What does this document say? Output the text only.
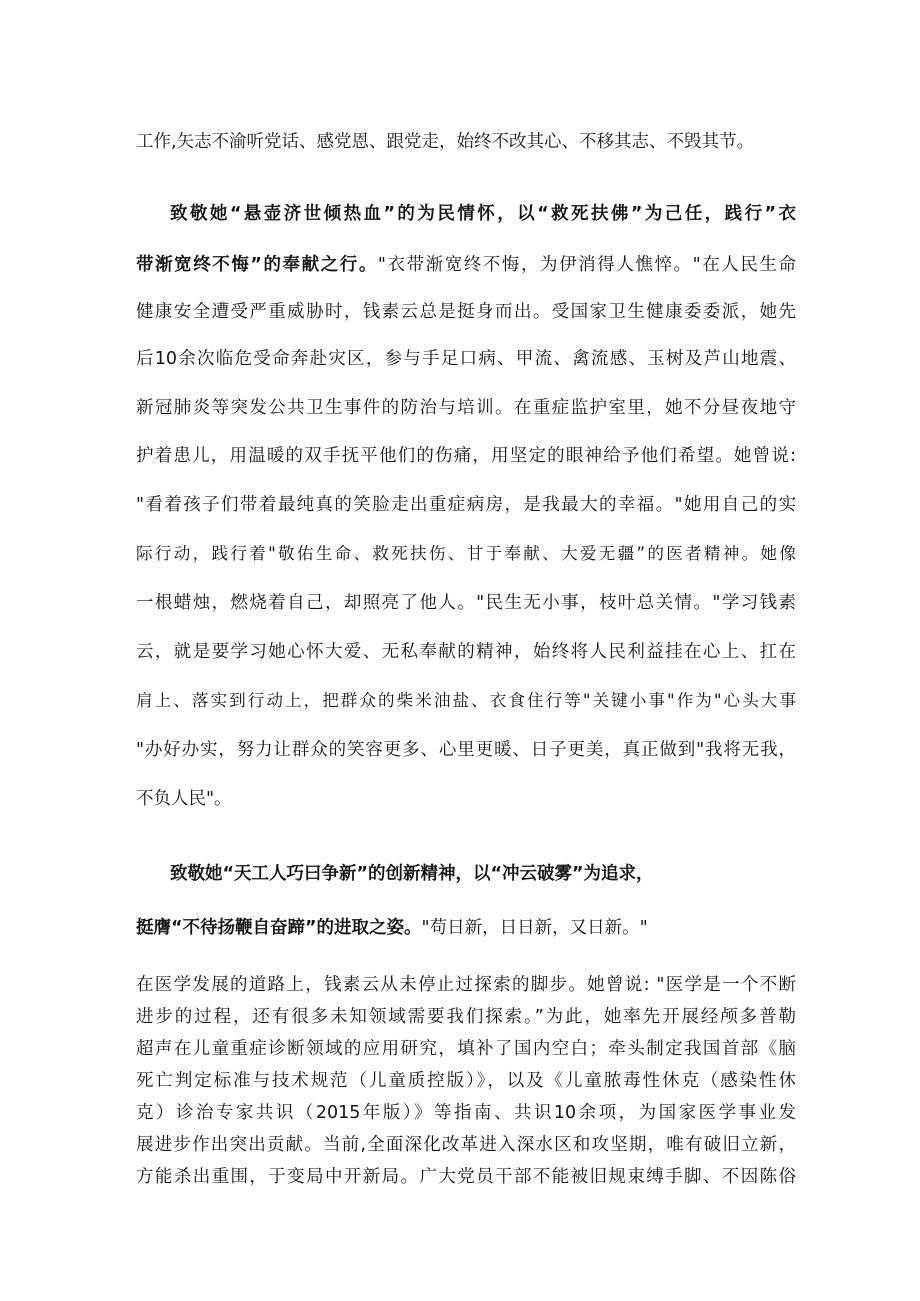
工作,矢志不渝听党话、感党恩、跟党走，始终不改其心、不移其志、不毁其节。
致敬她“悬壶济世倾热血”的为民情怀，以“救死扶佛”为己任，践行”衣
带渐宽终不悔”的奉献之行。"衣带渐宽终不悔，为伊消得人憔悴。"在人民生命
健康安全遭受严重威胁时，钱素云总是挺身而出。受国家卫生健康委委派，她先
后10余次临危受命奔赴灾区，参与手足口病、甲流、禽流感、玉树及芦山地震、
新冠肺炎等突发公共卫生事件的防治与培训。在重症监护室里，她不分昼夜地守
护着患儿，用温暖的双手抚平他们的伤痛，用坚定的眼神给予他们希望。她曾说:
"看着孩子们带着最纯真的笑脸走出重症病房，是我最大的幸福。"她用自己的实
际行动，践行着"敬佑生命、救死扶伤、甘于奉献、大爱无疆”的医者精神。她像
一根蜡烛，燃烧着自己，却照亮了他人。"民生无小事，枝叶总关情。"学习钱素
云，就是要学习她心怀大爱、无私奉献的精神，始终将人民利益挂在心上、扛在
肩上、落实到行动上，把群众的柴米油盐、衣食住行等"关键小事"作为"心头大事
"办好办实，努力让群众的笑容更多、心里更暖、日子更美，真正做到"我将无我，
不负人民"。
致敬她“天工人巧曰争新”的创新精神，以“冲云破雾”为追求，
挺膺“不待扬鞭自奋蹄”的进取之姿。"苟日新，日日新，又日新。"
在医学发展的道路上，钱素云从未停止过探索的脚步。她曾说: "医学是一个不断
进步的过程，还有很多未知领域需要我们探索。”为此，她率先开展经颅多普勒
超声在儿童重症诊断领域的应用研究，填补了国内空白；牵头制定我国首部《脑
死亡判定标准与技术规范（儿童质控版）》，以及《儿童脓毒性休克（感染性休
克）诊治专家共识（2015年版）》等指南、共识10余项，为国家医学事业发
展进步作出突出贡献。当前,全面深化改革进入深水区和攻坚期，唯有破旧立新，
方能杀出重围，于变局中开新局。广大党员干部不能被旧规束缚手脚、不因陈俗
